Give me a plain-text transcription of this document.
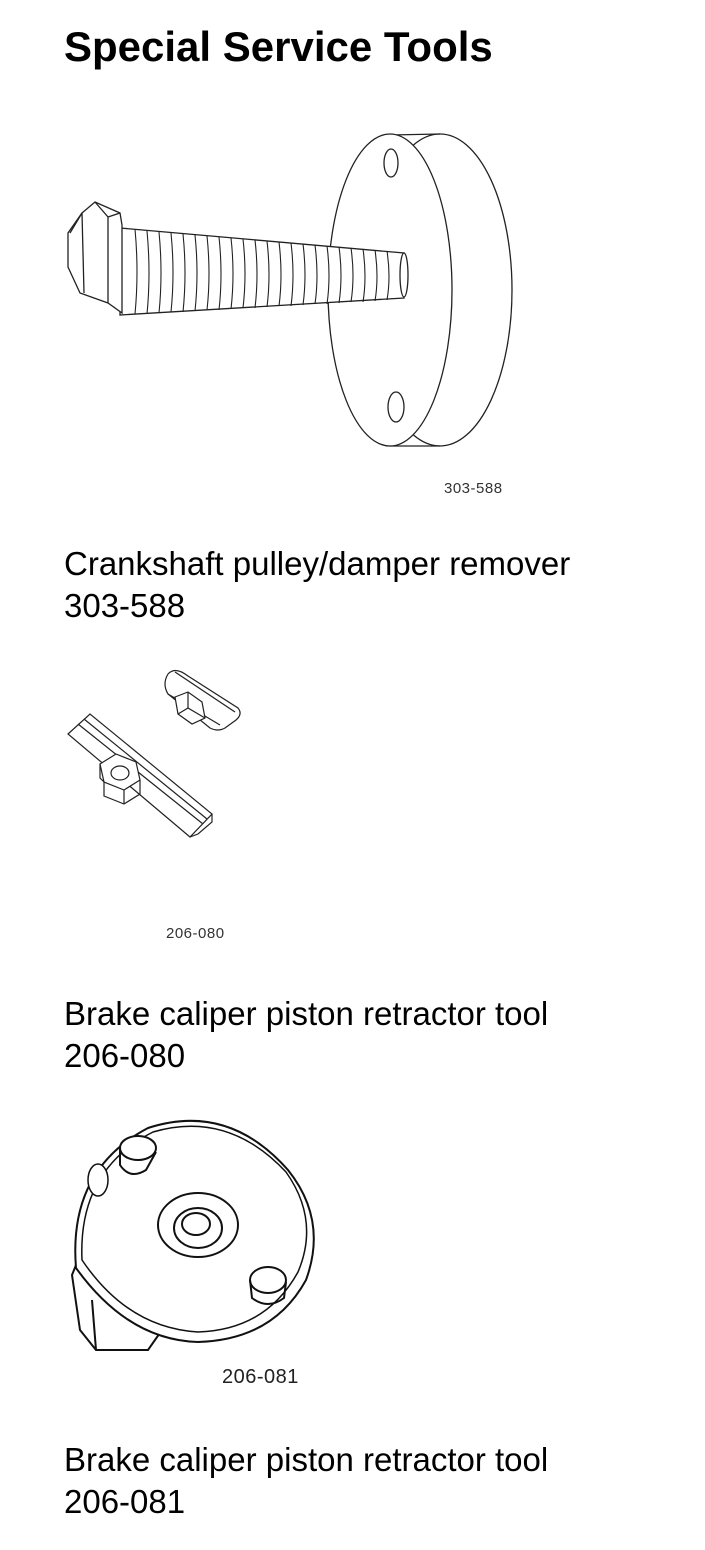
Special Service Tools
303-588
Crankshaft pulley/damper remover
303-588
206-080
Brake caliper piston retractor tool
206-080
206-081
Brake caliper piston retractor tool
206-081
